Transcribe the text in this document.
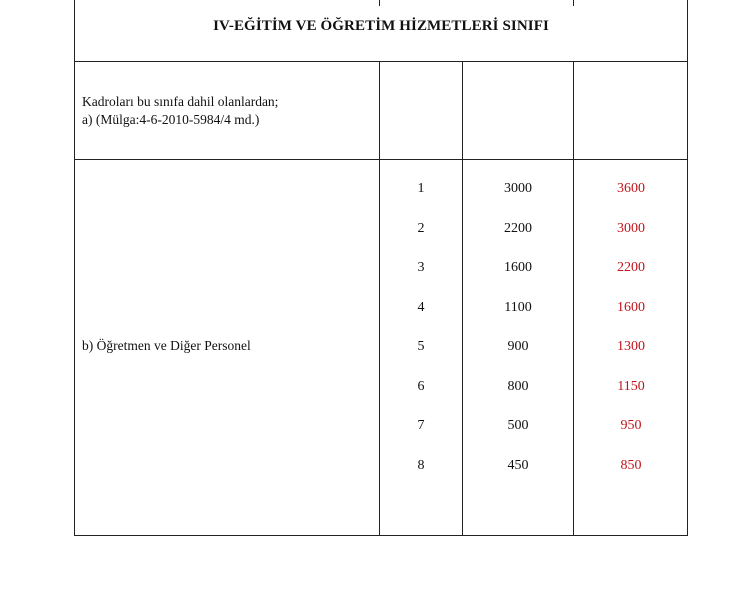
IV-EĞİTİM VE ÖĞRETİM HİZMETLERİ SINIFI
Kadroları bu sınıfa dahil olanlardan;
a) (Mülga:4-6-2010-5984/4 md.)
b) Öğretmen ve Diğer Personel
1
2
3
4
5
6
7
8
3000
2200
1600
1100
900
800
500
450
3600
3000
2200
1600
1300
1150
950
850
